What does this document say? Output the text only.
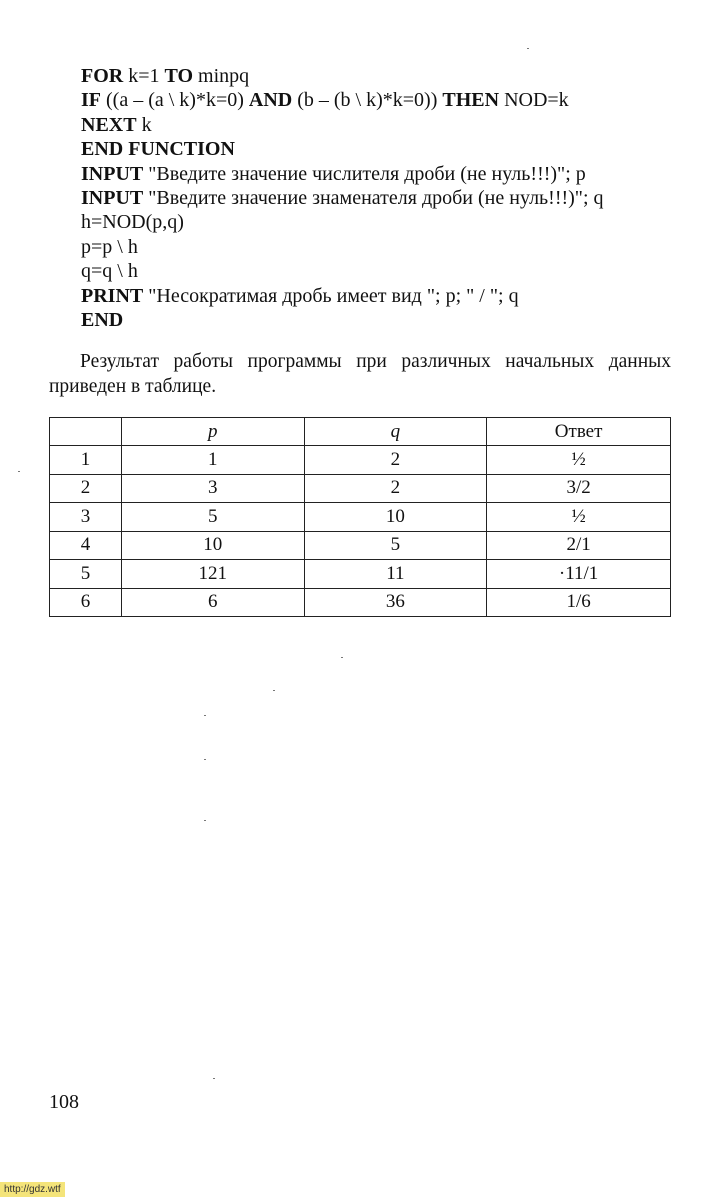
FOR k=1 TO minpq
IF ((a – (a \ k)*k=0) AND (b – (b \ k)*k=0)) THEN NOD=k
NEXT k
END FUNCTION
INPUT "Введите значение числителя дроби (не нуль!!!)"; p
INPUT "Введите значение знаменателя дроби (не нуль!!!)"; q
h=NOD(p,q)
p=p \ h
q=q \ h
PRINT "Несократимая дробь имеет вид "; p; " / "; q
END
Результат работы программы при различных начальных данных приведен в таблице.
	p	q	Ответ
1	1	2	½
2	3	2	3/2
3	5	10	½
4	10	5	2/1
5	121	11	·11/1
6	6	36	1/6
108
http://gdz.wtf
